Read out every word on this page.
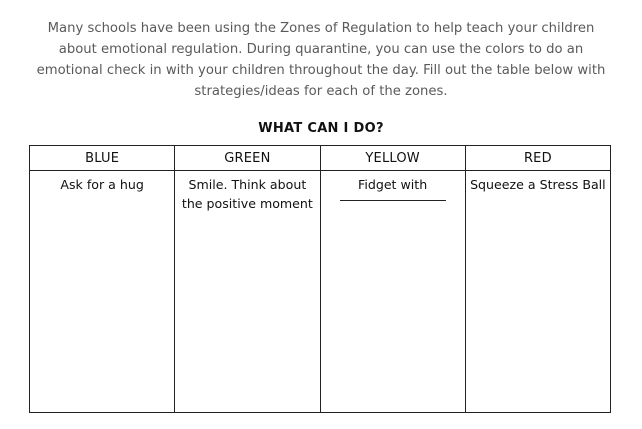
Many schools have been using the Zones of Regulation to help teach your children about emotional regulation. During quarantine, you can use the colors to do an emotional check in with your children throughout the day. Fill out the table below with strategies/ideas for each of the zones.

WHAT CAN I DO?

BLUE	GREEN	YELLOW	RED
Ask for a hug	Smile. Think about the positive moment	Fidget with	Squeeze a Stress Ball
